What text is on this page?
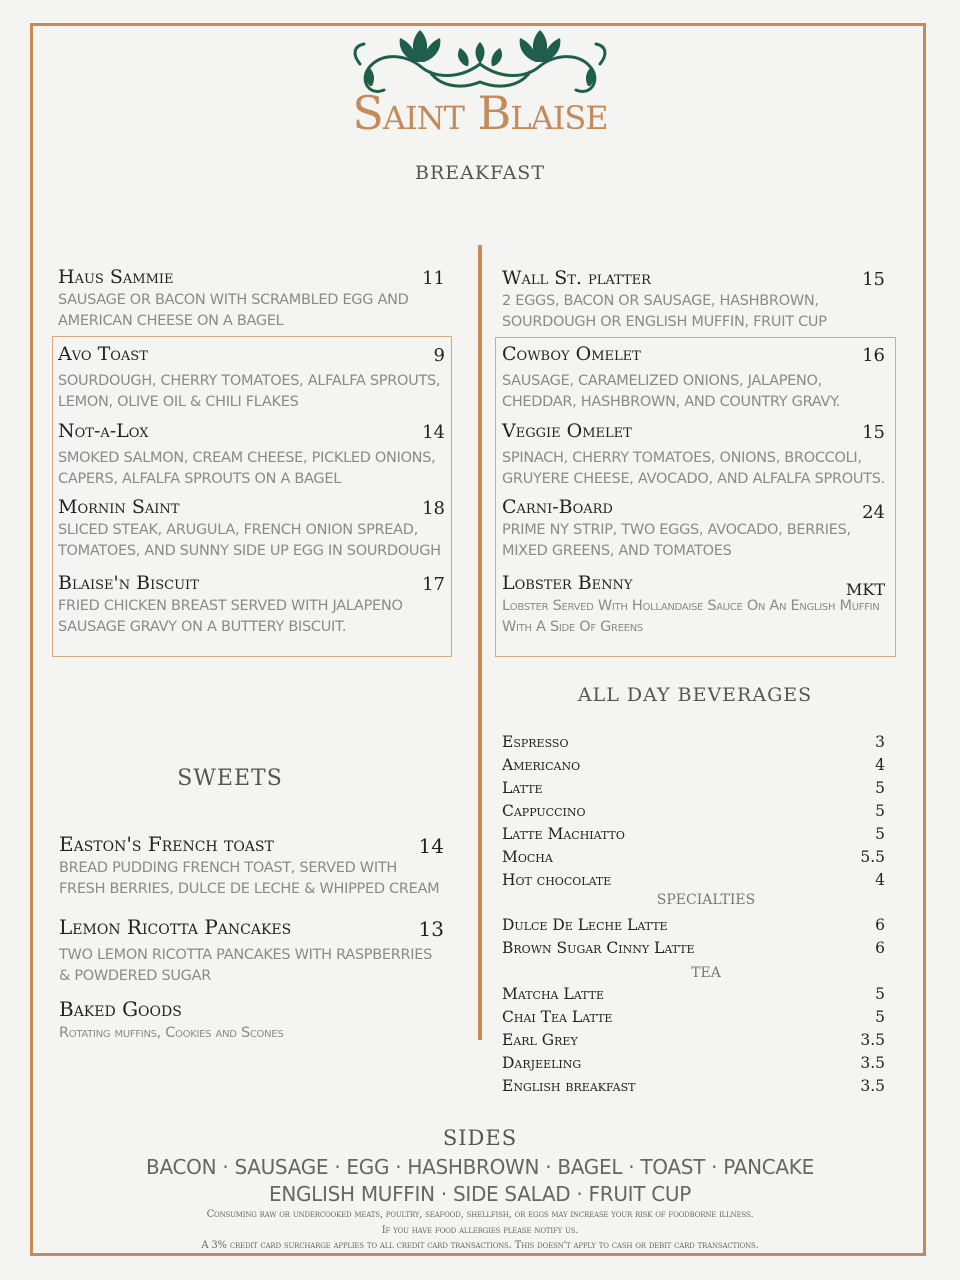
Saint Blaise
BREAKFAST
Haus Sammie	11
SAUSAGE OR BACON WITH SCRAMBLED EGG AND AMERICAN CHEESE ON A BAGEL
Avo Toast	9
SOURDOUGH, CHERRY TOMATOES, ALFALFA SPROUTS, LEMON, OLIVE OIL & CHILI FLAKES
Not-a-Lox	14
SMOKED SALMON, CREAM CHEESE, PICKLED ONIONS, CAPERS, ALFALFA SPROUTS ON A BAGEL
Mornin Saint	18
SLICED STEAK, ARUGULA, FRENCH ONION SPREAD, TOMATOES, AND SUNNY SIDE UP EGG IN SOURDOUGH
Blaise'n Biscuit	17
FRIED CHICKEN BREAST SERVED WITH JALAPENO SAUSAGE GRAVY ON A BUTTERY BISCUIT.
Wall St. platter	15
2 EGGS, BACON OR SAUSAGE, HASHBROWN, SOURDOUGH OR ENGLISH MUFFIN, FRUIT CUP
Cowboy Omelet	16
SAUSAGE, CARAMELIZED ONIONS, JALAPENO, CHEDDAR, HASHBROWN, AND COUNTRY GRAVY.
Veggie Omelet	15
SPINACH, CHERRY TOMATOES, ONIONS, BROCCOLI, GRUYERE CHEESE, AVOCADO, AND ALFALFA SPROUTS.
Carni-Board	24
PRIME NY STRIP, TWO EGGS, AVOCADO, BERRIES, MIXED GREENS, AND TOMATOES
Lobster Benny	MKT
Lobster Served With Hollandaise Sauce On An English Muffin With A Side Of Greens
SWEETS
Easton's French toast	14
BREAD PUDDING FRENCH TOAST, SERVED WITH FRESH BERRIES, DULCE DE LECHE & WHIPPED CREAM
Lemon Ricotta Pancakes	13
TWO LEMON RICOTTA PANCAKES WITH RASPBERRIES & POWDERED SUGAR
Baked Goods
Rotating muffins, Cookies and Scones
ALL DAY BEVERAGES
Espresso	3
Americano	4
Latte	5
Cappuccino	5
Latte Machiatto	5
Mocha	5.5
Hot chocolate	4
SPECIALTIES
Dulce De Leche Latte	6
Brown Sugar Cinny Latte	6
TEA
Matcha Latte	5
Chai Tea Latte	5
Earl Grey	3.5
Darjeeling	3.5
English breakfast	3.5
SIDES
BACON · SAUSAGE · EGG · HASHBROWN · BAGEL · TOAST · PANCAKE
ENGLISH MUFFIN · SIDE SALAD · FRUIT CUP
Consuming raw or undercooked meats, poultry, seafood, shellfish, or eggs may increase your risk of foodborne illness.
If you have food allergies please notify us.
A 3% credit card surcharge applies to all credit card transactions. This doesn't apply to cash or debit card transactions.
